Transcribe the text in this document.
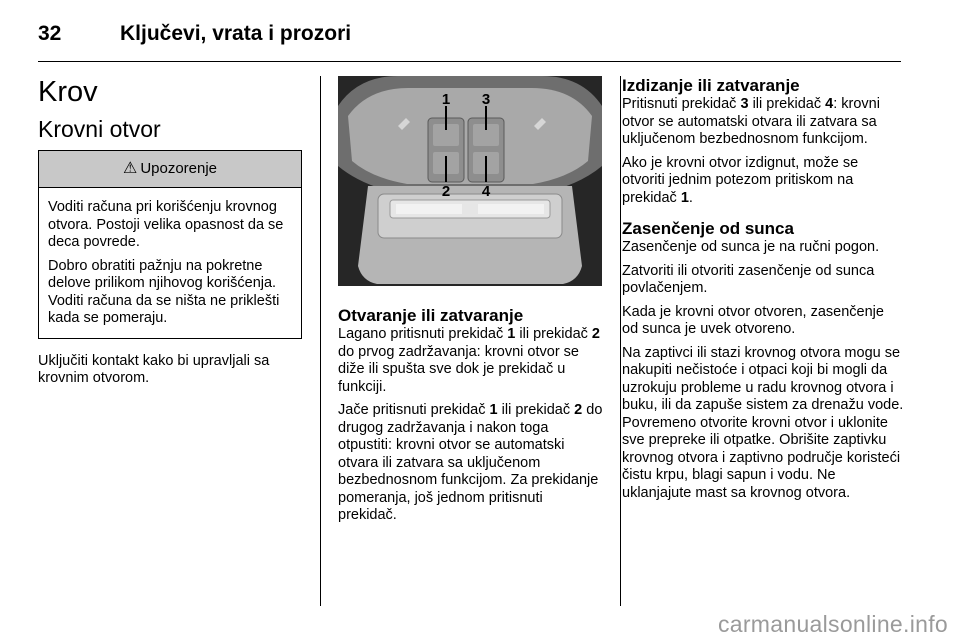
32	Ključevi, vrata i prozori
Krov
Krovni otvor
⚠ Upozorenje

Voditi računa pri korišćenju krovnog otvora. Postoji velika opasnost da se deca povrede.

Dobro obratiti pažnju na pokretne delove prilikom njihovog korišćenja. Voditi računa da se ništa ne priklešti kada se pomeraju.

Uključiti kontakt kako bi upravljali sa krovnim otvorom.

1 3
2 4
Otvaranje ili zatvaranje

Lagano pritisnuti prekidač 1 ili prekidač 2 do prvog zadržavanja: krovni otvor se diže ili spušta sve dok je prekidač u funkciji.

Jače pritisnuti prekidač 1 ili prekidač 2 do drugog zadržavanja i nakon toga otpustiti: krovni otvor se automatski otvara ili zatvara sa uključenom bezbednosnom funkcijom. Za prekidanje pomeranja, još jednom pritisnuti prekidač.

Izdizanje ili zatvaranje

Pritisnuti prekidač 3 ili prekidač 4: krovni otvor se automatski otvara ili zatvara sa uključenom bezbednosnom funkcijom.

Ako je krovni otvor izdignut, može se otvoriti jednim potezom pritiskom na prekidač 1.

Zasenčenje od sunca

Zasenčenje od sunca je na ručni pogon.

Zatvoriti ili otvoriti zasenčenje od sunca povlačenjem.

Kada je krovni otvor otvoren, zasenčenje od sunca je uvek otvoreno.

Na zaptivci ili stazi krovnog otvora mogu se nakupiti nečistoće i otpaci koji bi mogli da uzrokuju probleme u radu krovnog otvora i buku, ili da zapuše sistem za drenažu vode. Povremeno otvorite krovni otvor i uklonite sve prepreke ili otpatke. Obrišite zaptivku krovnog otvora i zaptivno područje koristeći čistu krpu, blagi sapun i vodu. Ne uklanjajute mast sa krovnog otvora.

carmanualsonline.info
